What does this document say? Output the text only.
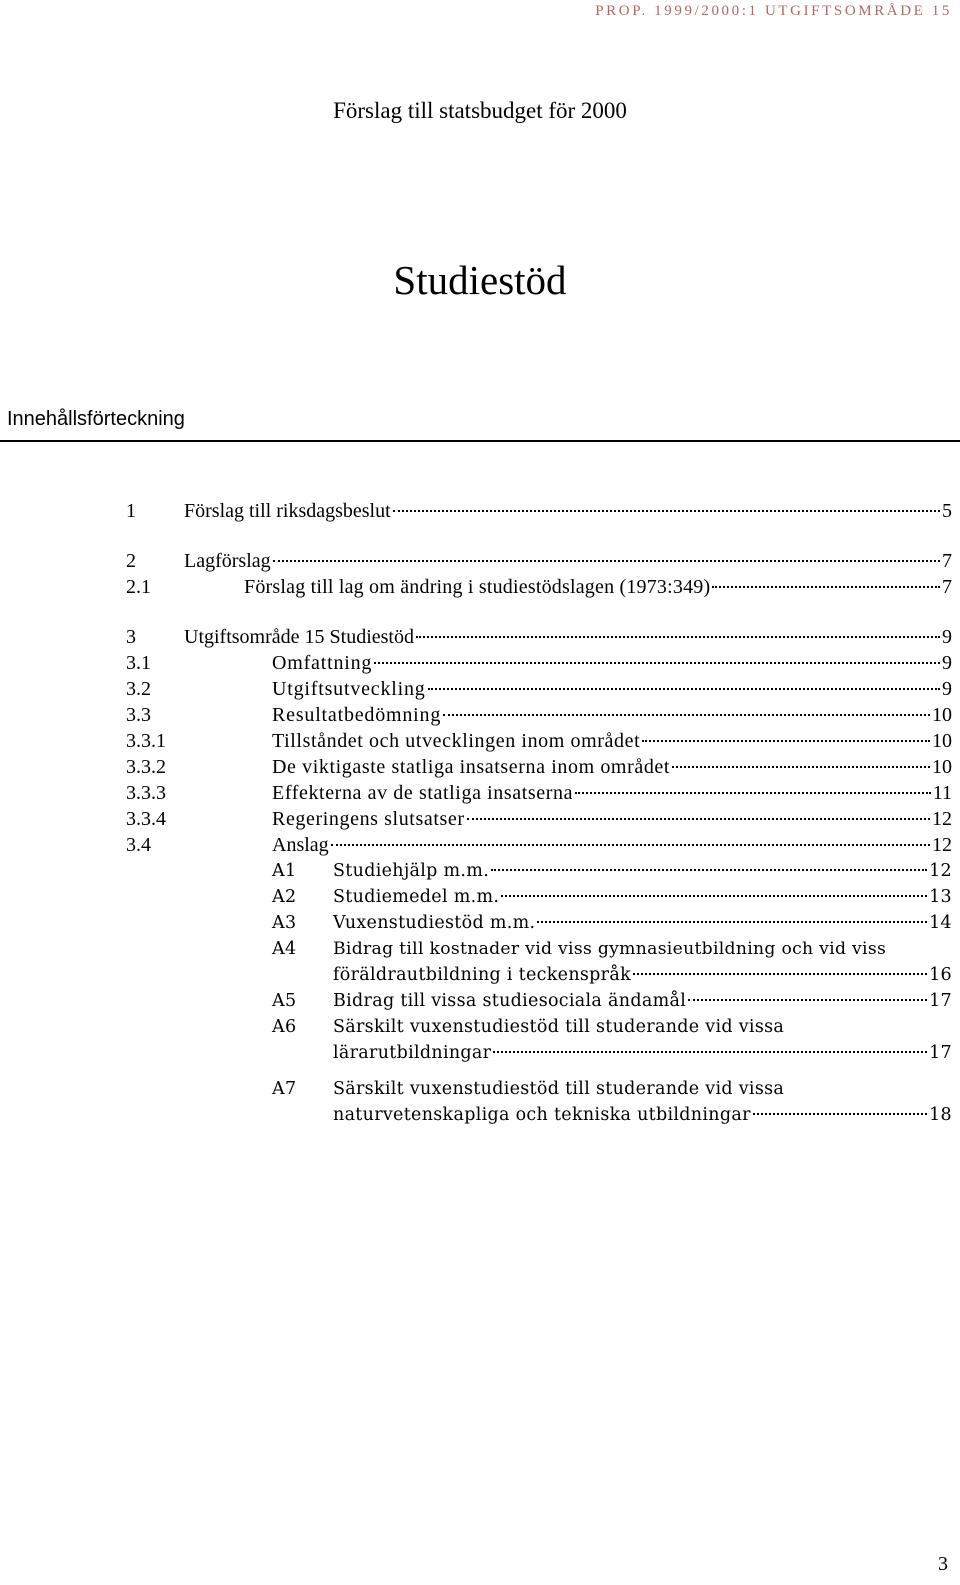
PROP. 1999/2000:1 UTGIFTSOMRÅDE 15
Förslag till statsbudget för 2000
Studiestöd
Innehållsförteckning
1 Förslag till riksdagsbeslut	5
2 Lagförslag	7
2.1	Förslag till lag om ändring i studiestödslagen (1973:349)	7
3 Utgiftsområde 15 Studiestöd	9
3.1	Omfattning	9
3.2	Utgiftsutveckling	9
3.3	Resultatbedömning	10
3.3.1	Tillståndet och utvecklingen inom området	10
3.3.2	De viktigaste statliga insatserna inom området	10
3.3.3	Effekterna av de statliga insatserna	11
3.3.4	Regeringens slutsatser	12
3.4	Anslag	12
A1 Studiehjälp m.m.	12
A2 Studiemedel m.m.	13
A3 Vuxenstudiestöd m.m.	14
A4 Bidrag till kostnader vid viss gymnasieutbildning och vid viss
föräldrautbildning i teckenspråk	16
A5 Bidrag till vissa studiesociala ändamål	17
A6 Särskilt vuxenstudiestöd till studerande vid vissa
lärarutbildningar	17
A7 Särskilt vuxenstudiestöd till studerande vid vissa
naturvetenskapliga och tekniska utbildningar	18
3
